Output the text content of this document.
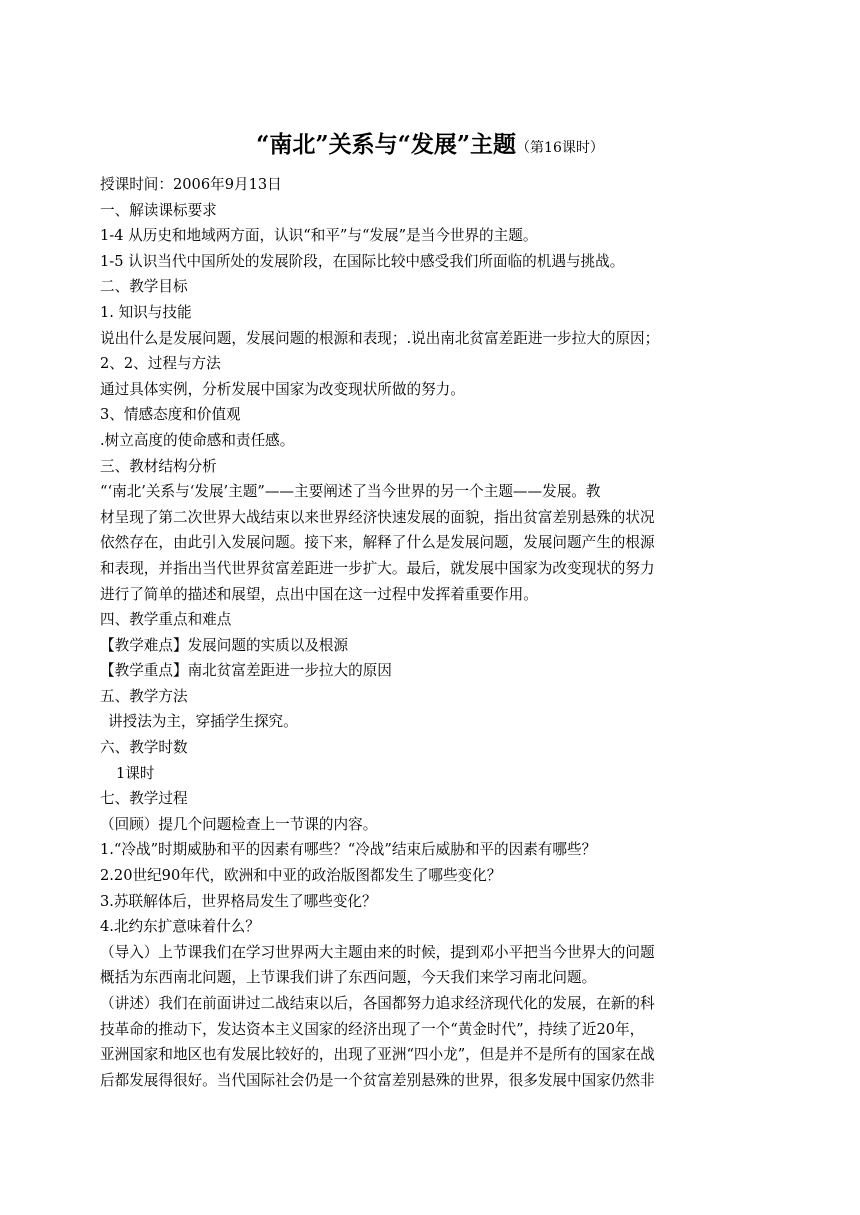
“南北”关系与“发展”主题（第16课时）
授课时间：2006年9月13日
一、解读课标要求
1-4 从历史和地域两方面，认识“和平”与“发展”是当今世界的主题。
1-5 认识当代中国所处的发展阶段，在国际比较中感受我们所面临的机遇与挑战。
二、教学目标
1. 知识与技能
说出什么是发展问题，发展问题的根源和表现；.说出南北贫富差距进一步拉大的原因；
2、2、过程与方法
通过具体实例，分析发展中国家为改变现状所做的努力。
3、情感态度和价值观
.树立高度的使命感和责任感。
三、教材结构分析
“‘南北’关系与‘发展’主题”——主要阐述了当今世界的另一个主题——发展。教
材呈现了第二次世界大战结束以来世界经济快速发展的面貌，指出贫富差别悬殊的状况
依然存在，由此引入发展问题。接下来，解释了什么是发展问题，发展问题产生的根源
和表现，并指出当代世界贫富差距进一步扩大。最后，就发展中国家为改变现状的努力
进行了简单的描述和展望，点出中国在这一过程中发挥着重要作用。
四、教学重点和难点
【教学难点】发展问题的实质以及根源
【教学重点】南北贫富差距进一步拉大的原因
五、教学方法
讲授法为主，穿插学生探究。
六、教学时数
1课时
七、教学过程
（回顾）提几个问题检查上一节课的内容。
1.“冷战”时期威胁和平的因素有哪些？“冷战”结束后威胁和平的因素有哪些？
2.20世纪90年代，欧洲和中亚的政治版图都发生了哪些变化？
3.苏联解体后，世界格局发生了哪些变化？
4.北约东扩意味着什么？
（导入）上节课我们在学习世界两大主题由来的时候，提到邓小平把当今世界大的问题
概括为东西南北问题，上节课我们讲了东西问题，今天我们来学习南北问题。
（讲述）我们在前面讲过二战结束以后，各国都努力追求经济现代化的发展，在新的科
技革命的推动下，发达资本主义国家的经济出现了一个“黄金时代”，持续了近20年，
亚洲国家和地区也有发展比较好的，出现了亚洲“四小龙”，但是并不是所有的国家在战
后都发展得很好。当代国际社会仍是一个贫富差别悬殊的世界，很多发展中国家仍然非
